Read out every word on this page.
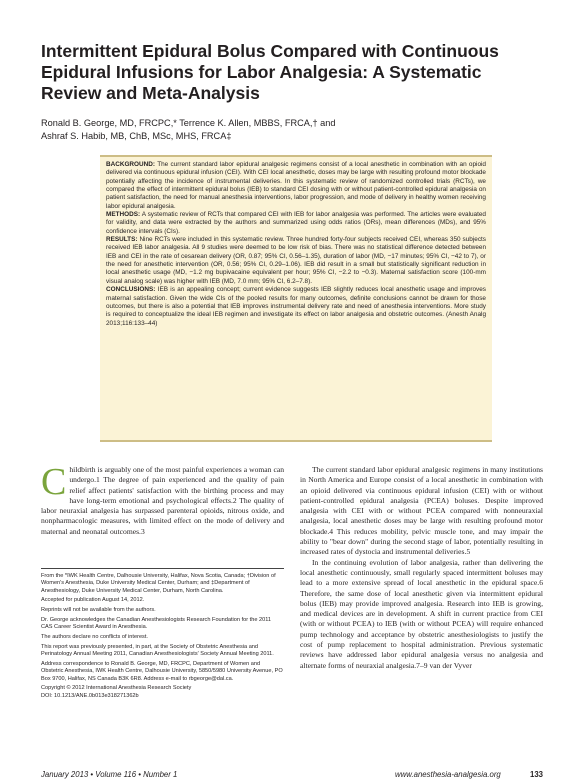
Intermittent Epidural Bolus Compared with Continuous
Epidural Infusions for Labor Analgesia: A Systematic
Review and Meta-Analysis
Ronald B. George, MD, FRCPC,* Terrence K. Allen, MBBS, FRCA,† and
Ashraf S. Habib, MB, ChB, MSc, MHS, FRCA‡

BACKGROUND: The current standard labor epidural analgesic regimens consist of a local anesthetic in combination with an opioid delivered via continuous epidural infusion (CEI). With CEI local anesthetic, doses may be large with resulting profound motor blockade potentially affecting the incidence of instrumental deliveries. In this systematic review of randomized controlled trials (RCTs), we compared the effect of intermittent epidural bolus (IEB) to standard CEI dosing with or without patient-controlled epidural analgesia on patient satisfaction, the need for manual anesthesia interventions, labor progression, and mode of delivery in healthy women receiving labor epidural analgesia.

METHODS: A systematic review of RCTs that compared CEI with IEB for labor analgesia was performed. The articles were evaluated for validity, and data were extracted by the authors and summarized using odds ratios (ORs), mean differences (MDs), and 95% confidence intervals (CIs).

RESULTS: Nine RCTs were included in this systematic review. Three hundred forty-four subjects received CEI, whereas 350 subjects received IEB labor analgesia. All 9 studies were deemed to be low risk of bias. There was no statistical difference detected between IEB and CEI in the rate of cesarean delivery (OR, 0.87; 95% CI, 0.56–1.35), duration of labor (MD, −17 minutes; 95% CI, −42 to 7), or the need for anesthetic intervention (OR, 0.56; 95% CI, 0.29–1.06). IEB did result in a small but statistically significant reduction in local anesthetic usage (MD, −1.2 mg bupivacaine equivalent per hour; 95% CI, −2.2 to −0.3). Maternal satisfaction score (100-mm visual analog scale) was higher with IEB (MD, 7.0 mm; 95% CI, 6.2–7.8).

CONCLUSIONS: IEB is an appealing concept; current evidence suggests IEB slightly reduces local anesthetic usage and improves maternal satisfaction. Given the wide CIs of the pooled results for many outcomes, definite conclusions cannot be drawn for those outcomes, but there is also a potential that IEB improves instrumental delivery rate and need of anesthesia interventions. More study is required to conceptualize the ideal IEB regimen and investigate its effect on labor analgesia and obstetric outcomes. (Anesth Analg 2013;116:133–44)

Childbirth is arguably one of the most painful experiences a woman can undergo.1 The degree of pain experienced and the quality of pain relief affect patients' satisfaction with the birthing process and may have long-term emotional and psychological effects.2 The quality of labor neuraxial analgesia has surpassed parenteral opioids, nitrous oxide, and nonpharmacologic measures, with limited effect on the mode of delivery and maternal and neonatal outcomes.3

From the *IWK Health Centre, Dalhousie University, Halifax, Nova Scotia, Canada; †Division of Women's Anesthesia, Duke University Medical Center, Durham; and ‡Department of Anesthesiology, Duke University Medical Center, Durham, North Carolina.

Accepted for publication August 14, 2012.

Reprints will not be available from the authors.

Dr. George acknowledges the Canadian Anesthesiologists Research Foundation for the 2011 CAS Career Scientist Award in Anesthesia.

The authors declare no conflicts of interest.

This report was previously presented, in part, at the Society of Obstetric Anesthesia and Perinatology Annual Meeting 2011, Canadian Anesthesiologists' Society Annual Meeting 2011.

Address correspondence to Ronald B. George, MD, FRCPC, Department of Women and Obstetric Anesthesia, IWK Health Centre, Dalhousie University, 5850/5980 University Avenue, PO Box 9700, Halifax, NS Canada B3K 6R8. Address e-mail to rbgeorge@dal.ca.

Copyright © 2012 International Anesthesia Research Society
DOI: 10.1213/ANE.0b013e318271362b

The current standard labor epidural analgesic regimens in many institutions in North America and Europe consist of a local anesthetic in combination with an opioid delivered via continuous epidural infusion (CEI) with or without patient-controlled epidural analgesia (PCEA) boluses. Despite improved analgesia with CEI with or without PCEA compared with nonneuraxial analgesia, local anesthetic doses may be large with resulting profound motor blockade.4 This reduces mobility, pelvic muscle tone, and may impair the ability to "bear down" during the second stage of labor, potentially resulting in increased rates of dystocia and instrumental deliveries.5

In the continuing evolution of labor analgesia, rather than delivering the local anesthetic continuously, small regularly spaced intermittent boluses may lead to a more extensive spread of local anesthetic in the epidural space.6 Therefore, the same dose of local anesthetic given via intermittent epidural bolus (IEB) may provide improved analgesia. Research into IEB is growing, and medical devices are in development. A shift in current practice from CEI (with or without PCEA) to IEB (with or without PCEA) will require enhanced pump technology and acceptance by obstetric anesthesiologists to justify the cost of pump replacement to hospital administration. Previous systematic reviews have addressed labor epidural analgesia versus no analgesia and alternate forms of neuraxial analgesia.7–9 van der Vyver

January 2013 • Volume 116 • Number 1	www.anesthesia-analgesia.org	133
